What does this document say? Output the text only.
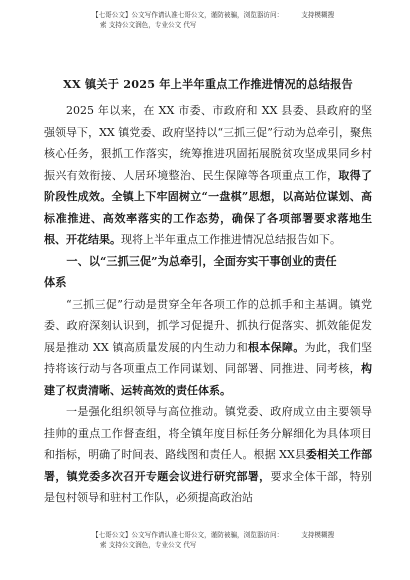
【七哥公文】公文写作请认准七哥公文，谨防被骗，浏览器访问：	支持模糊搜
索 支持公文润色，专业公文 代写

XX 镇关于 2025 年上半年重点工作推进情况的总结报告

2025 年以来，在 XX 市委、市政府和 XX 县委、县政府的坚强领导下，XX 镇党委、政府坚持以“三抓三促”行动为总牵引，聚焦核心任务，狠抓工作落实，统筹推进巩固拓展脱贫攻坚成果同乡村振兴有效衔接、人居环境整治、民生保障等各项重点工作，取得了阶段性成效。全镇上下牢固树立“一盘棋”思想，以高站位谋划、高标准推进、高效率落实的工作态势，确保了各项部署要求落地生根、开花结果。现将上半年重点工作推进情况总结报告如下。

一、以“三抓三促”为总牵引，全面夯实干事创业的责任
体系

“三抓三促”行动是贯穿全年各项工作的总抓手和主基调。镇党委、政府深刻认识到，抓学习促提升、抓执行促落实、抓效能促发展是推动 XX 镇高质量发展的内生动力和根本保障。为此，我们坚持将该行动与各项重点工作同谋划、同部署、同推进、同考核，构建了权责清晰、运转高效的责任体系。

一是强化组织领导与高位推动。镇党委、政府成立由主要领导挂帅的重点工作督查组，将全镇年度目标任务分解细化为具体项目和指标，明确了时间表、路线图和责任人。根据 XX县委相关工作部署，镇党委多次召开专题会议进行研究部署，要求全体干部，特别是包村领导和驻村工作队，必须提高政治站

【七哥公文】公文写作请认准七哥公文，谨防被骗，浏览器访问：	支持模糊搜
索 支持公文润色，专业公文 代写
